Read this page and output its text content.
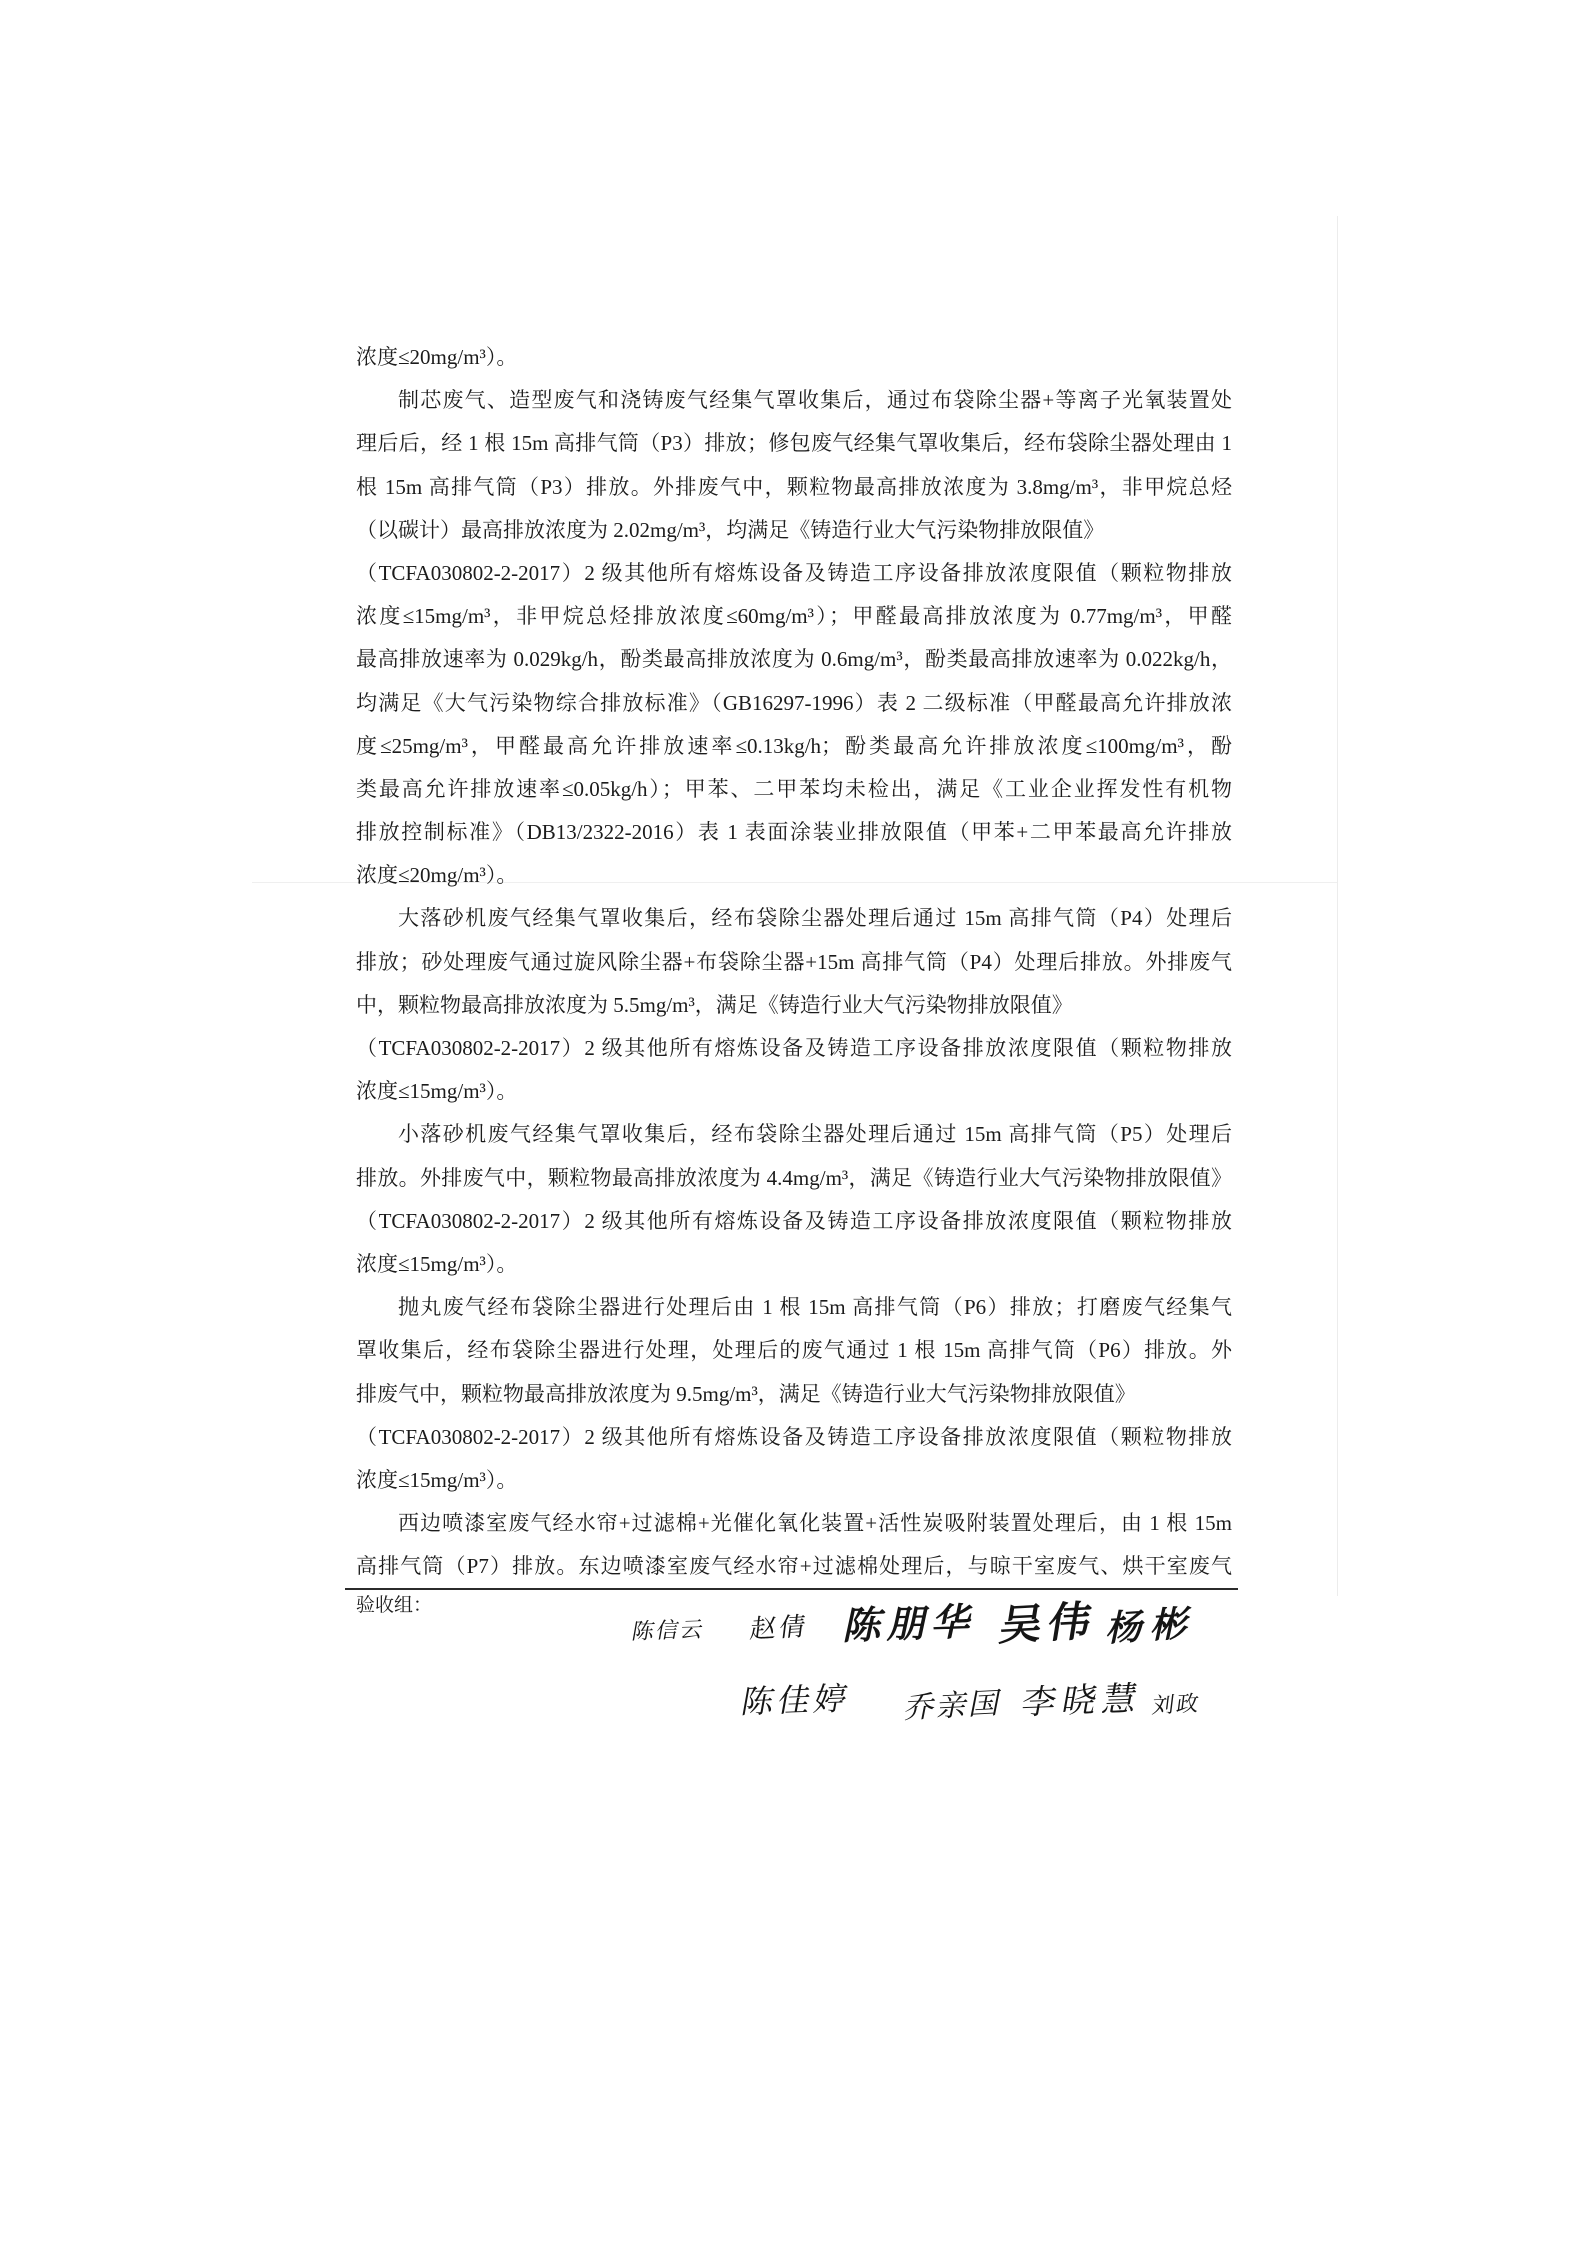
浓度≤20mg/m³）。
制芯废气、造型废气和浇铸废气经集气罩收集后，通过布袋除尘器+等离子光氧装置处
理后后，经 1 根 15m 高排气筒（P3）排放；修包废气经集气罩收集后，经布袋除尘器处理由 1
根 15m 高排气筒（P3）排放。外排废气中，颗粒物最高排放浓度为 3.8mg/m³，非甲烷总烃
（以碳计）最高排放浓度为 2.02mg/m³，均满足《铸造行业大气污染物排放限值》
（TCFA030802-2-2017）2 级其他所有熔炼设备及铸造工序设备排放浓度限值（颗粒物排放
浓度≤15mg/m³，非甲烷总烃排放浓度≤60mg/m³）；甲醛最高排放浓度为 0.77mg/m³，甲醛
最高排放速率为 0.029kg/h，酚类最高排放浓度为 0.6mg/m³，酚类最高排放速率为 0.022kg/h，
均满足《大气污染物综合排放标准》（GB16297-1996）表 2 二级标准（甲醛最高允许排放浓
度≤25mg/m³，甲醛最高允许排放速率≤0.13kg/h；酚类最高允许排放浓度≤100mg/m³，酚
类最高允许排放速率≤0.05kg/h）；甲苯、二甲苯均未检出，满足《工业企业挥发性有机物
排放控制标准》（DB13/2322-2016）表 1 表面涂装业排放限值（甲苯+二甲苯最高允许排放
浓度≤20mg/m³）。
大落砂机废气经集气罩收集后，经布袋除尘器处理后通过 15m 高排气筒（P4）处理后
排放；砂处理废气通过旋风除尘器+布袋除尘器+15m 高排气筒（P4）处理后排放。外排废气
中，颗粒物最高排放浓度为 5.5mg/m³，满足《铸造行业大气污染物排放限值》
（TCFA030802-2-2017）2 级其他所有熔炼设备及铸造工序设备排放浓度限值（颗粒物排放
浓度≤15mg/m³）。
小落砂机废气经集气罩收集后，经布袋除尘器处理后通过 15m 高排气筒（P5）处理后
排放。外排废气中，颗粒物最高排放浓度为 4.4mg/m³，满足《铸造行业大气污染物排放限值》
（TCFA030802-2-2017）2 级其他所有熔炼设备及铸造工序设备排放浓度限值（颗粒物排放
浓度≤15mg/m³）。
抛丸废气经布袋除尘器进行处理后由 1 根 15m 高排气筒（P6）排放；打磨废气经集气
罩收集后，经布袋除尘器进行处理，处理后的废气通过 1 根 15m 高排气筒（P6）排放。外
排废气中，颗粒物最高排放浓度为 9.5mg/m³，满足《铸造行业大气污染物排放限值》
（TCFA030802-2-2017）2 级其他所有熔炼设备及铸造工序设备排放浓度限值（颗粒物排放
浓度≤15mg/m³）。
西边喷漆室废气经水帘+过滤棉+光催化氧化装置+活性炭吸附装置处理后，由 1 根 15m
高排气筒（P7）排放。东边喷漆室废气经水帘+过滤棉处理后，与晾干室废气、烘干室废气
验收组：
陈信云 赵倩 陈朋华 吴伟 杨彬
陈佳婷 乔亲国 李晓慧 刘政
